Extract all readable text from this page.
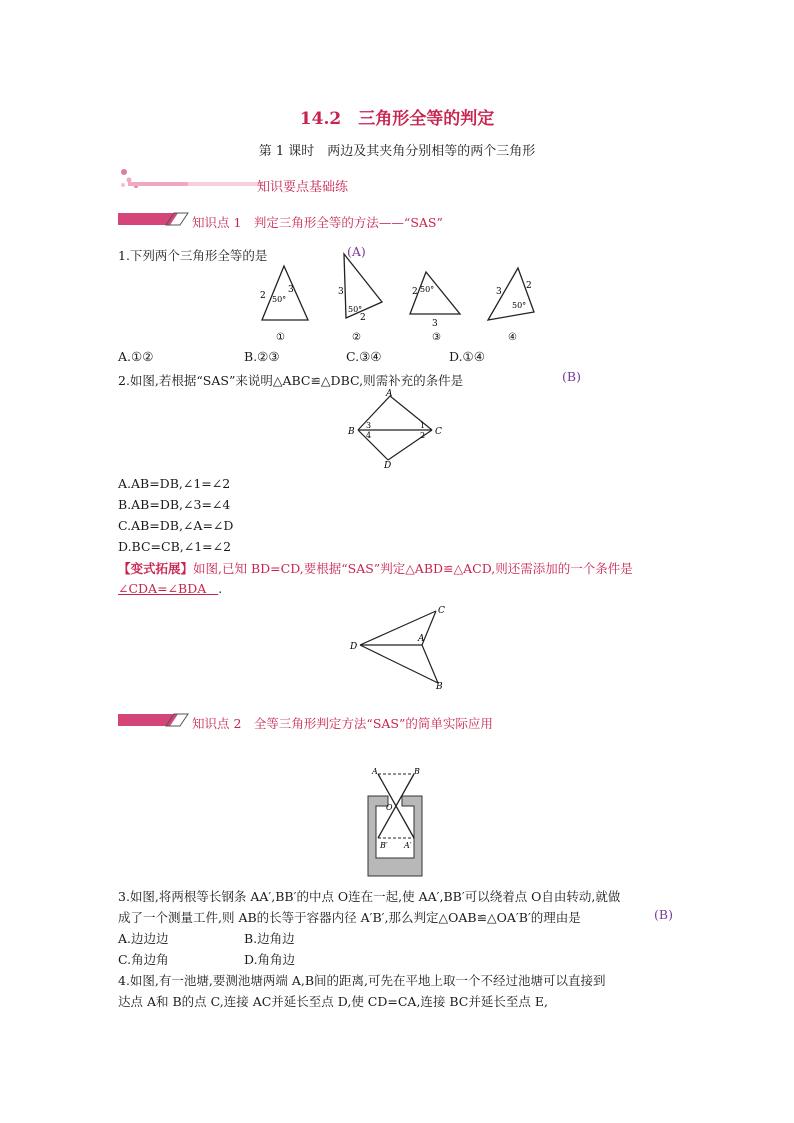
14.2　三角形全等的判定
第 1 课时　两边及其夹角分别相等的两个三角形
知识要点基础练
知识点 1　判定三角形全等的方法——“SAS”
1.下列两个三角形全等的是	(A)
2
3
50°
①
3
2
50°
②
2
3
50°
③
3
2
50°
④
A.①②	B.②③	C.③④	D.①④
2.如图,若根据“SAS”来说明△ABC≌△DBC,则需补充的条件是	(B)
A
B	C
D
3
4
1
2
A.AB=DB,∠1=∠2
B.AB=DB,∠3=∠4
C.AB=DB,∠A=∠D
D.BC=CB,∠1=∠2
【变式拓展】如图,已知 BD=CD,要根据“SAS”判定△ABD≌△ACD,则还需添加的一个条件是
∠CDA=∠BDA .
C
D
A
B
知识点 2　全等三角形判定方法“SAS”的简单实际应用
A	B
O
B′ A′
3.如图,将两根等长钢条 AA′,BB′的中点 O连在一起,使 AA′,BB′可以绕着点 O自由转动,就做
成了一个测量工件,则 AB的长等于容器内径 A′B′,那么判定△OAB≌△OA′B′的理由是	(B)
A.边边边	B.边角边
C.角边角	D.角角边
4.如图,有一池塘,要测池塘两端 A,B间的距离,可先在平地上取一个不经过池塘可以直接到
达点 A和 B的点 C,连接 AC并延长至点 D,使 CD=CA,连接 BC并延长至点 E,
